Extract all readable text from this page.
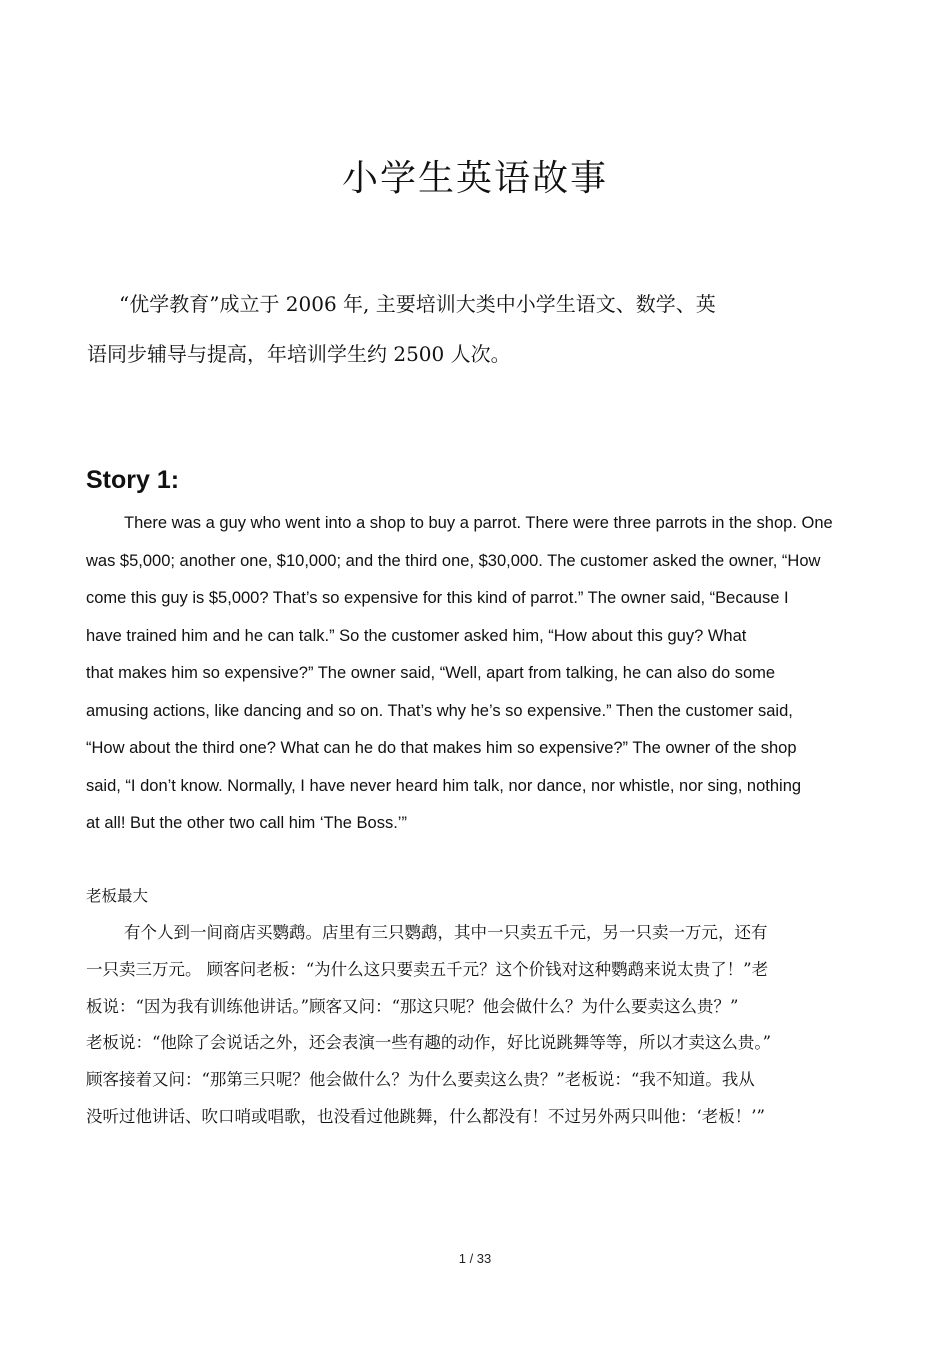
小学生英语故事

“优学教育”成立于 2006 年, 主要培训大类中小学生语文、数学、英

语同步辅导与提高，年培训学生约 2500 人次。

Story 1:
There was a guy who went into a shop to buy a parrot. There were three parrots in the shop. One
was $5,000; another one, $10,000; and the third one, $30,000. The customer asked the owner, “How
come this guy is $5,000? That’s so expensive for this kind of parrot.” The owner said, “Because I
have trained him and he can talk.” So the customer asked him, “How about this guy? What
that makes him so expensive?” The owner said, “Well, apart from talking, he can also do some
amusing actions, like dancing and so on. That’s why he’s so expensive.” Then the customer said,
“How about the third one? What can he do that makes him so expensive?” The owner of the shop
said, “I don’t know. Normally, I have never heard him talk, nor dance, nor whistle, nor sing, nothing
at all! But the other two call him ‘The Boss.’”
老板最大
有个人到一间商店买鹦鹉。店里有三只鹦鹉，其中一只卖五千元，另一只卖一万元，还有
一只卖三万元。 顾客问老板：“为什么这只要卖五千元？这个价钱对这种鹦鹉来说太贵了！”老
板说：“因为我有训练他讲话。”顾客又问：“那这只呢？他会做什么？为什么要卖这么贵？”
老板说：“他除了会说话之外，还会表演一些有趣的动作，好比说跳舞等等，所以才卖这么贵。”
顾客接着又问：“那第三只呢？他会做什么？为什么要卖这么贵？”老板说：“我不知道。我从
没听过他讲话、吹口哨或唱歌，也没看过他跳舞，什么都没有！不过另外两只叫他：‘老板！’”
1 / 33
